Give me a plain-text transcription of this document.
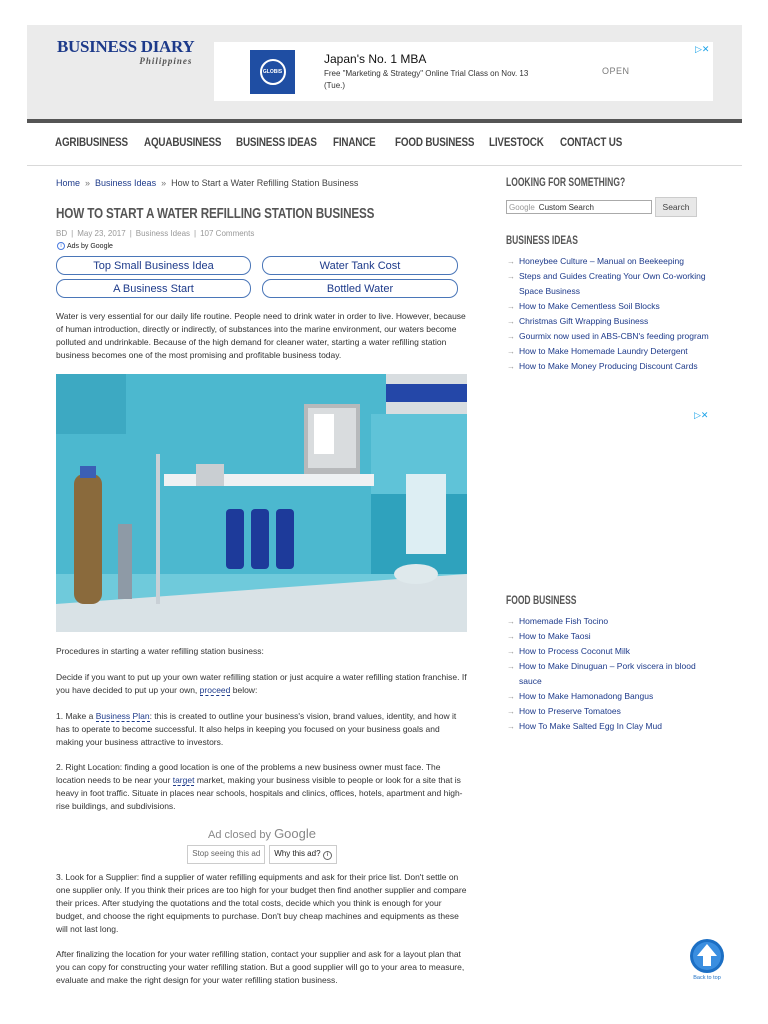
BUSINESS DIARY
Philippines
GLOBIS
Japan's No. 1 MBA
Free "Marketing & Strategy" Online Trial Class on Nov. 13 (Tue.)
OPEN
▷✕
AGRIBUSINESS AQUABUSINESS BUSINESS IDEAS FINANCE FOOD BUSINESS LIVESTOCK CONTACT US
Home » Business Ideas » How to Start a Water Refilling Station Business
HOW TO START A WATER REFILLING STATION BUSINESS
BD | May 23, 2017 | Business Ideas | 107 Comments
i Ads by Google
Top Small Business Idea	Water Tank Cost
A Business Start	Bottled Water
Water is very essential for our daily life routine. People need to drink water in order to live. However, because of human introduction, directly or indirectly, of substances into the marine environment, our waters become polluted and undrinkable. Because of the high demand for cleaner water, starting a water refilling station business becomes one of the most promising and profitable business today.
Procedures in starting a water refilling station business:
Decide if you want to put up your own water refilling station or just acquire a water refilling station franchise. If you have decided to put up your own, proceed below:
1. Make a Business Plan: this is created to outline your business's vision, brand values, identity, and how it has to operate to become successful. It also helps in keeping you focused on your business goals and making your business attractive to investors.
2. Right Location: finding a good location is one of the problems a new business owner must face. The location needs to be near your target market, making your business visible to people or look for a site that is heavy in foot traffic. Situate in places near schools, hospitals and clinics, offices, hotels, apartment and high-rise buildings, and subdivisions.
Ad closed by Google
Stop seeing this ad	Why this ad? i
3. Look for a Supplier: find a supplier of water refilling equipments and ask for their price list. Don't settle on one supplier only. If you think their prices are too high for your budget then find another supplier and compare their prices. After studying the quotations and the total costs, decide which you think is enough for your budget, and choose the right equipments to purchase. Don't buy cheap machines and equipments as these will not last long.
After finalizing the location for your water refilling station, contact your supplier and ask for a layout plan that you can copy for constructing your water refilling station. But a good supplier will go to your area to measure, evaluate and make the right design for your water refilling station business.
LOOKING FOR SOMETHING?
Google Custom Search	Search
BUSINESS IDEAS
→ Honeybee Culture – Manual on Beekeeping
→ Steps and Guides Creating Your Own Co-working Space Business
→ How to Make Cementless Soil Blocks
→ Christmas Gift Wrapping Business
→ Gourmix now used in ABS-CBN's feeding program
→ How to Make Homemade Laundry Detergent
→ How to Make Money Producing Discount Cards
▷✕
FOOD BUSINESS
→ Homemade Fish Tocino
→ How to Make Taosi
→ How to Process Coconut Milk
→ How to Make Dinuguan – Pork viscera in blood sauce
→ How to Make Hamonadong Bangus
→ How to Preserve Tomatoes
→ How To Make Salted Egg In Clay Mud
Back to top
